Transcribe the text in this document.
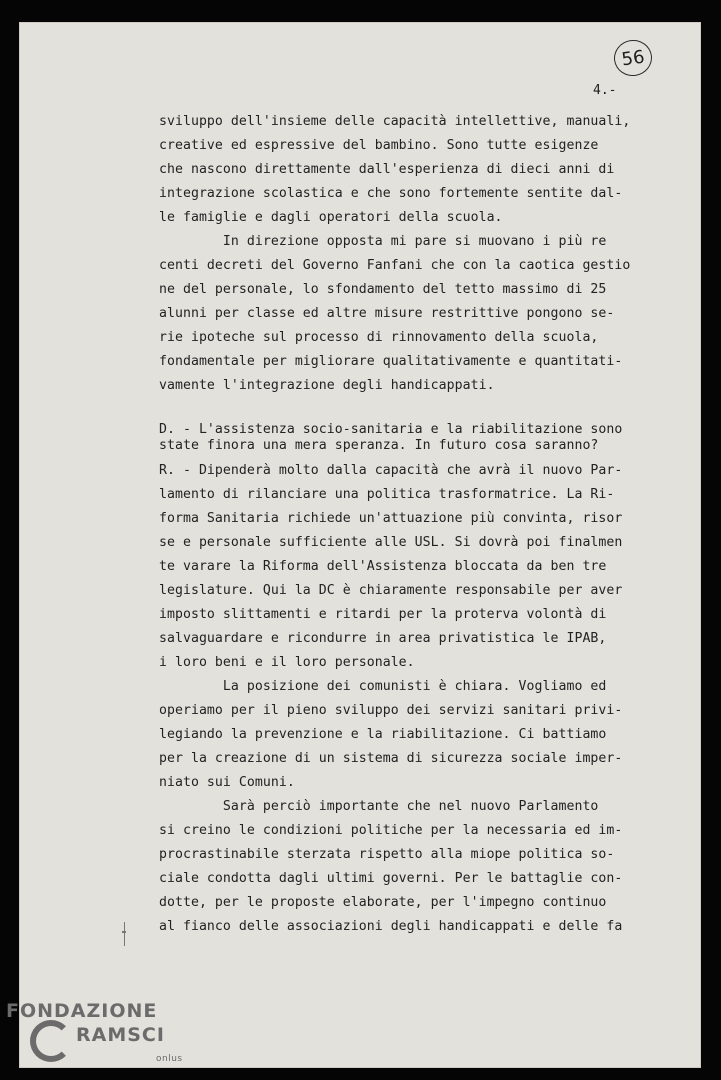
56
4.-
sviluppo dell'insieme delle capacità intellettive, manuali,
creative ed espressive del bambino. Sono tutte esigenze
che nascono direttamente dall'esperienza di dieci anni di
integrazione scolastica e che sono fortemente sentite dal-
le famiglie e dagli operatori della scuola.
In direzione opposta mi pare si muovano i più re
centi decreti del Governo Fanfani che con la caotica gestio
ne del personale, lo sfondamento del tetto massimo di 25
alunni per classe ed altre misure restrittive pongono se-
rie ipoteche sul processo di rinnovamento della scuola,
fondamentale per migliorare qualitativamente e quantitati-
vamente l'integrazione degli handicappati.
D. - L'assistenza socio-sanitaria e la riabilitazione sono
state finora una mera speranza. In futuro cosa saranno?
R. - Dipenderà molto dalla capacità che avrà il nuovo Par-
lamento di rilanciare una politica trasformatrice. La Ri-
forma Sanitaria richiede un'attuazione più convinta, risor
se e personale sufficiente alle USL. Si dovrà poi finalmen
te varare la Riforma dell'Assistenza bloccata da ben tre
legislature. Qui la DC è chiaramente responsabile per aver
imposto slittamenti e ritardi per la proterva volontà di
salvaguardare e ricondurre in area privatistica le IPAB,
i loro beni e il loro personale.
La posizione dei comunisti è chiara. Vogliamo ed
operiamo per il pieno sviluppo dei servizi sanitari privi-
legiando la prevenzione e la riabilitazione. Ci battiamo
per la creazione di un sistema di sicurezza sociale imper-
niato sui Comuni.
Sarà perciò importante che nel nuovo Parlamento
si creino le condizioni politiche per la necessaria ed im-
procrastinabile sterzata rispetto alla miope politica so-
ciale condotta dagli ultimi governi. Per le battaglie con-
dotte, per le proposte elaborate, per l'impegno continuo
al fianco delle associazioni degli handicappati e delle fa
FONDAZIONE
RAMSCI
onlus
